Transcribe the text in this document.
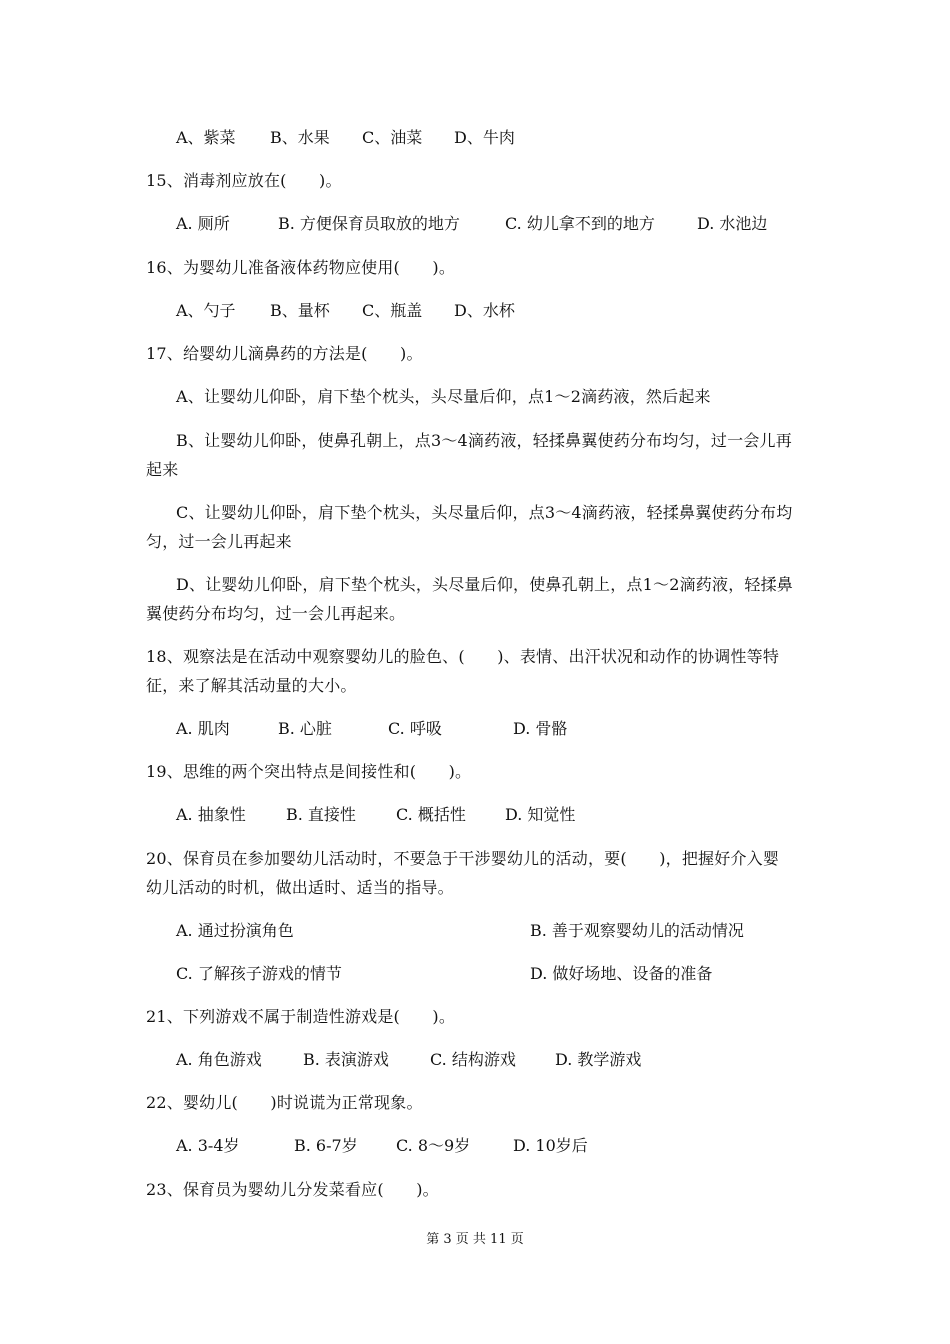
A、紫菜 B、水果 C、油菜 D、牛肉
15、消毒剂应放在(　　)。
A. 厕所	B. 方便保育员取放的地方	C. 幼儿拿不到的地方	D. 水池边
16、为婴幼儿准备液体药物应使用(　　)。
A、勺子 B、量杯 C、瓶盖 D、水杯
17、给婴幼儿滴鼻药的方法是(　　)。
A、让婴幼儿仰卧，肩下垫个枕头，头尽量后仰，点1～2滴药液，然后起来
B、让婴幼儿仰卧，使鼻孔朝上，点3～4滴药液，轻揉鼻翼使药分布均匀，过一会儿再
起来
C、让婴幼儿仰卧，肩下垫个枕头，头尽量后仰，点3～4滴药液，轻揉鼻翼使药分布均
匀，过一会儿再起来
D、让婴幼儿仰卧，肩下垫个枕头，头尽量后仰，使鼻孔朝上，点1～2滴药液，轻揉鼻
翼使药分布均匀，过一会儿再起来。
18、观察法是在活动中观察婴幼儿的脸色、(　　)、表情、出汗状况和动作的协调性等特
征，来了解其活动量的大小。
A. 肌肉	B. 心脏	C. 呼吸	D. 骨骼
19、思维的两个突出特点是间接性和(　　)。
A. 抽象性	B. 直接性	C. 概括性 D. 知觉性
20、保育员在参加婴幼儿活动时，不要急于干涉婴幼儿的活动，要(　　)，把握好介入婴
幼儿活动的时机，做出适时、适当的指导。
A. 通过扮演角色	B. 善于观察婴幼儿的活动情况
C. 了解孩子游戏的情节	D. 做好场地、设备的准备
21、下列游戏不属于制造性游戏是(　　)。
A. 角色游戏	B. 表演游戏	C. 结构游戏 D. 教学游戏
22、婴幼儿(　　)时说谎为正常现象。
A. 3-4岁	B. 6-7岁 C. 8～9岁	D. 10岁后
23、保育员为婴幼儿分发菜看应(　　)。
第 3 页 共 11 页
